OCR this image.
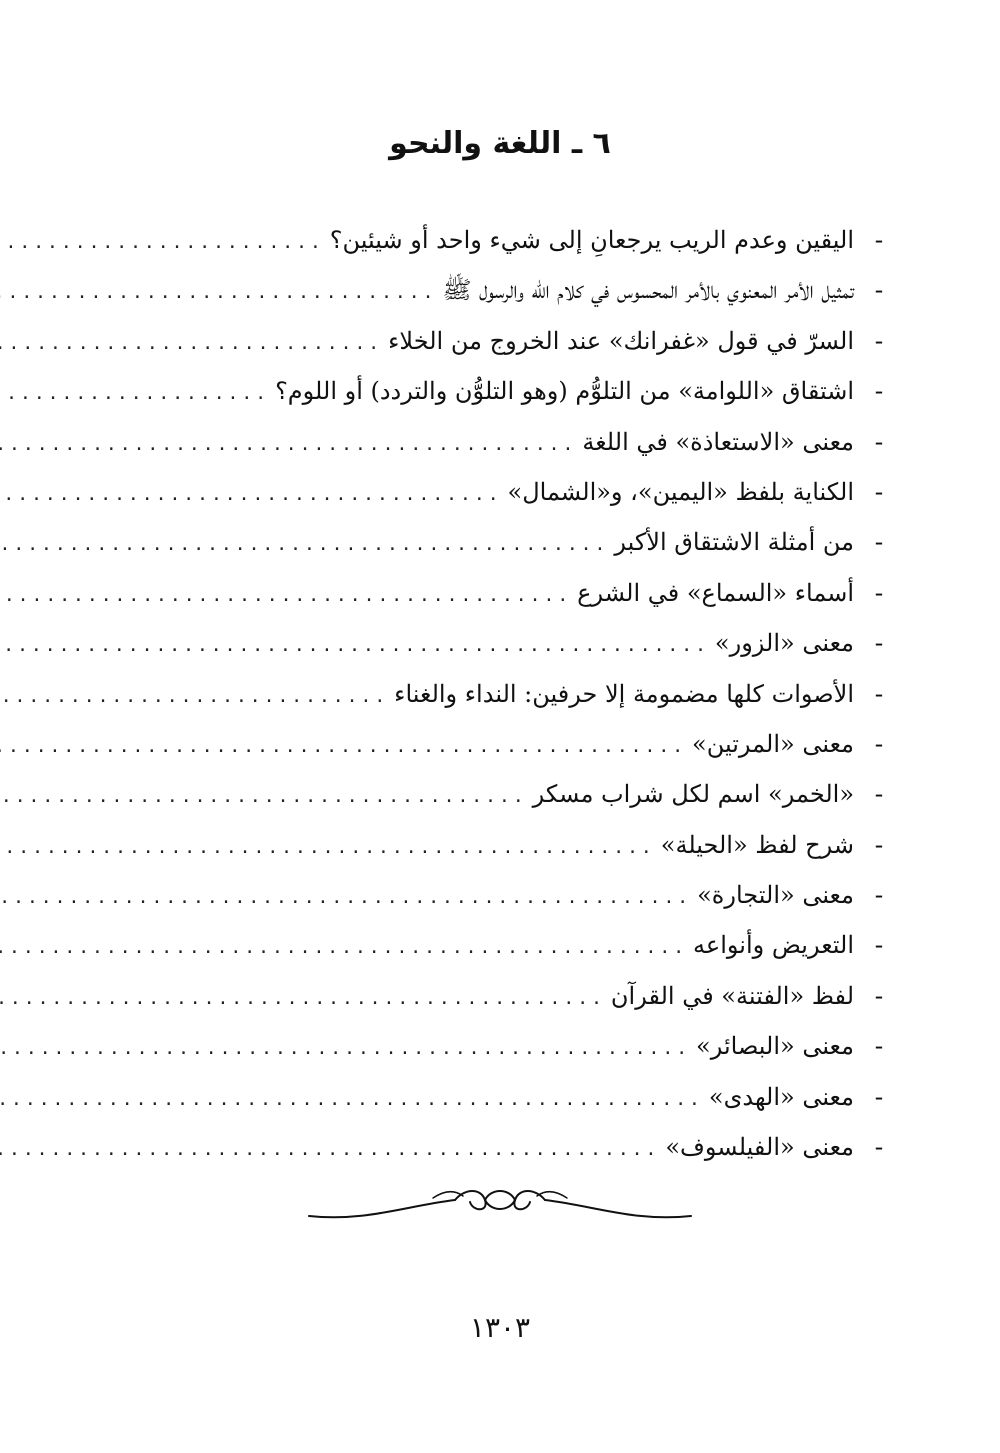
٦ ـ اللغة والنحو
-
اليقين وعدم الريب يرجعانِ إلى شيء واحد أو شيئين؟
.....
-
تمثيل الأمر المعنوي بالأمر المحسوس في كلام الله والرسول ﷺ
.....
-
السرّ في قول «غفرانك» عند الخروج من الخلاء
.....
-
اشتقاق «اللوامة» من التلوُّم (وهو التلوُّن والتردد) أو اللوم؟
.....
-
معنى «الاستعاذة» في اللغة
.....
-
الكناية بلفظ «اليمين»، و«الشمال»
.....
-
من أمثلة الاشتقاق الأكبر
.....
-
أسماء «السماع» في الشرع
.....
-
معنى «الزور»
.....
-
الأصوات كلها مضمومة إلا حرفين: النداء والغناء
.....
-
معنى «المرتين»
.....
-
«الخمر» اسم لكل شراب مسكر
.....
-
شرح لفظ «الحيلة»
.....
-
معنى «التجارة»
.....
-
التعريض وأنواعه
.....
-
لفظ «الفتنة» في القرآن
.....
-
معنى «البصائر»
.....
-
معنى «الهدى»
.....
-
معنى «الفيلسوف»
.....
١٣٠٣
